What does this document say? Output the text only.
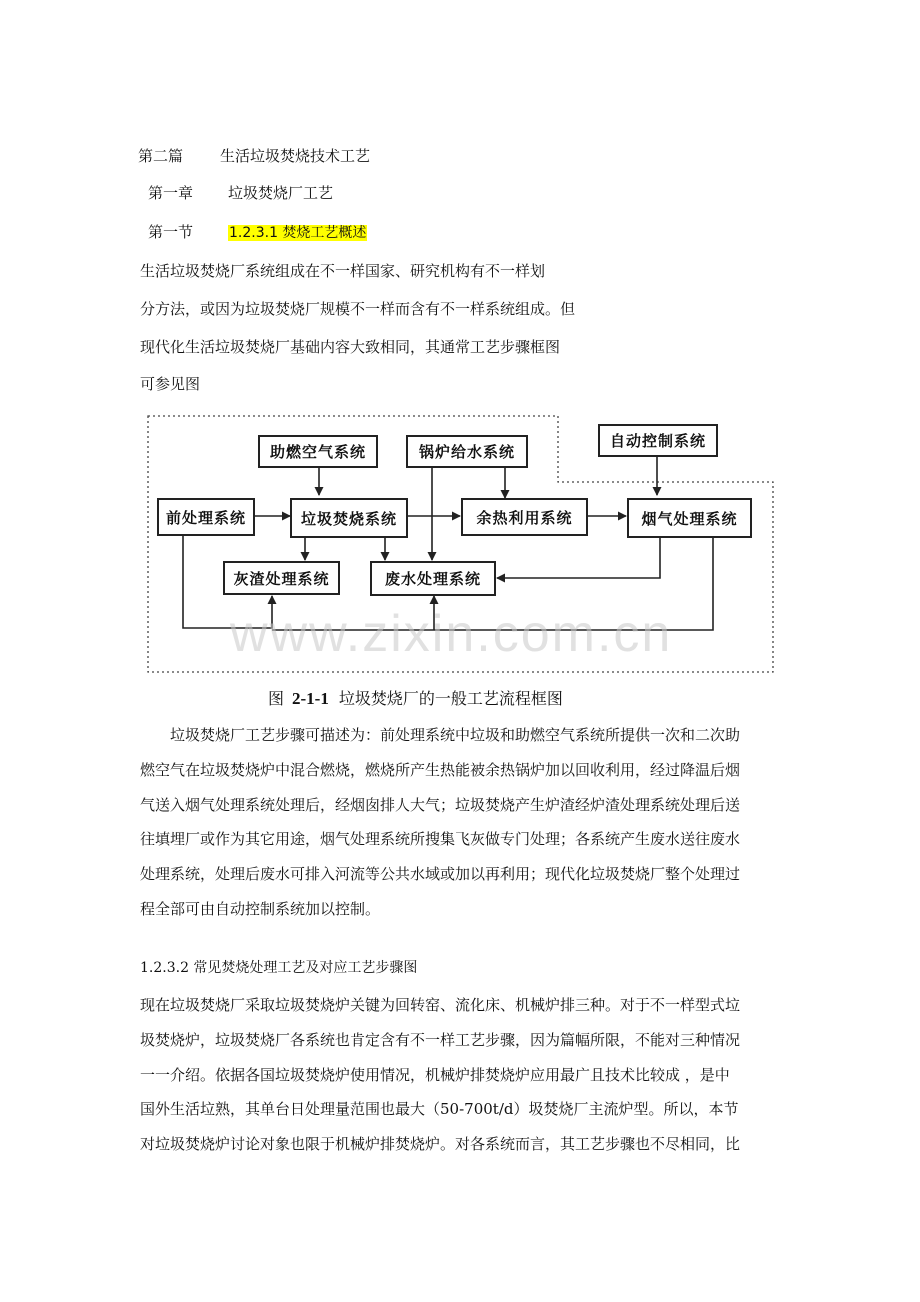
第二篇 生活垃圾焚烧技术工艺
第一章 垃圾焚烧厂工艺
第一节	1.2.3.1 焚烧工艺概述
生活垃圾焚烧厂系统组成在不一样国家、研究机构有不一样划
分方法，或因为垃圾焚烧厂规模不一样而含有不一样系统组成。但
现代化生活垃圾焚烧厂基础内容大致相同，其通常工艺步骤框图
可参见图
助燃空气系统	锅炉给水系统
自动控制系统
前处理系统	垃圾焚烧系统	余热利用系统	烟气处理系统
灰渣处理系统	废水处理系统
www.zixin.com.cn
图 2-1-1 垃圾焚烧厂的一般工艺流程框图
垃圾焚烧厂工艺步骤可描述为：前处理系统中垃圾和助燃空气系统所提供一次和二次助
燃空气在垃圾焚烧炉中混合燃烧，燃烧所产生热能被余热锅炉加以回收利用，经过降温后烟
气送入烟气处理系统处理后，经烟囱排人大气；垃圾焚烧产生炉渣经炉渣处理系统处理后送
往填埋厂或作为其它用途，烟气处理系统所搜集飞灰做专门处理；各系统产生废水送往废水
处理系统，处理后废水可排入河流等公共水域或加以再利用；现代化垃圾焚烧厂整个处理过
程全部可由自动控制系统加以控制。
1.2.3.2 常见焚烧处理工艺及对应工艺步骤图
现在垃圾焚烧厂采取垃圾焚烧炉关键为回转窑、流化床、机械炉排三种。对于不一样型式垃
圾焚烧炉，垃圾焚烧厂各系统也肯定含有不一样工艺步骤，因为篇幅所限，不能对三种情况
一一介绍。依据各国垃圾焚烧炉使用情况，机械炉排焚烧炉应用最广且技术比较成 ，是中
国外生活垃熟，其单台日处理量范围也最大（50-700t/d）圾焚烧厂主流炉型。所以，本节
对垃圾焚烧炉讨论对象也限于机械炉排焚烧炉。对各系统而言，其工艺步骤也不尽相同，比
